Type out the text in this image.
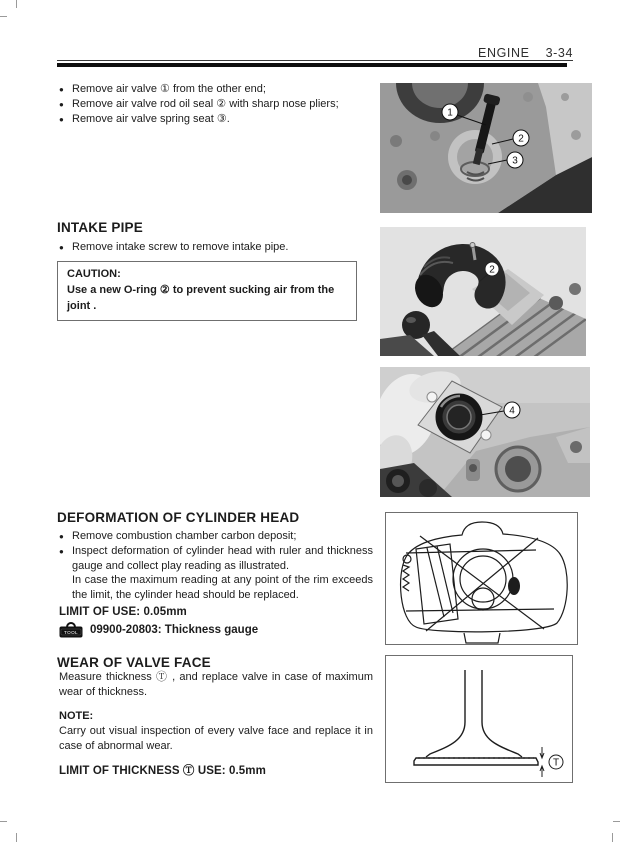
ENGINE 3-34
● Remove air valve ① from the other end;
● Remove air valve rod oil seal ② with sharp nose pliers;
● Remove air valve spring seat ③.
INTAKE PIPE
● Remove intake screw to remove intake pipe.
CAUTION:
Use a new O-ring ② to prevent sucking air from the joint .
DEFORMATION OF CYLINDER HEAD
● Remove combustion chamber carbon deposit;
● Inspect deformation of cylinder head with ruler and thickness gauge and collect play reading as illustrated.
In case the maximum reading at any point of the rim exceeds the limit, the cylinder head should be replaced.
LIMIT OF USE: 0.05mm
TOOL 09900-20803: Thickness gauge
WEAR OF VALVE FACE
Measure thickness Ⓣ , and replace valve in case of maximum wear of thickness.
NOTE:
Carry out visual inspection of every valve face and replace it in case of abnormal wear.
LIMIT OF THICKNESS Ⓣ USE: 0.5mm
1
2
3
2
4
T
